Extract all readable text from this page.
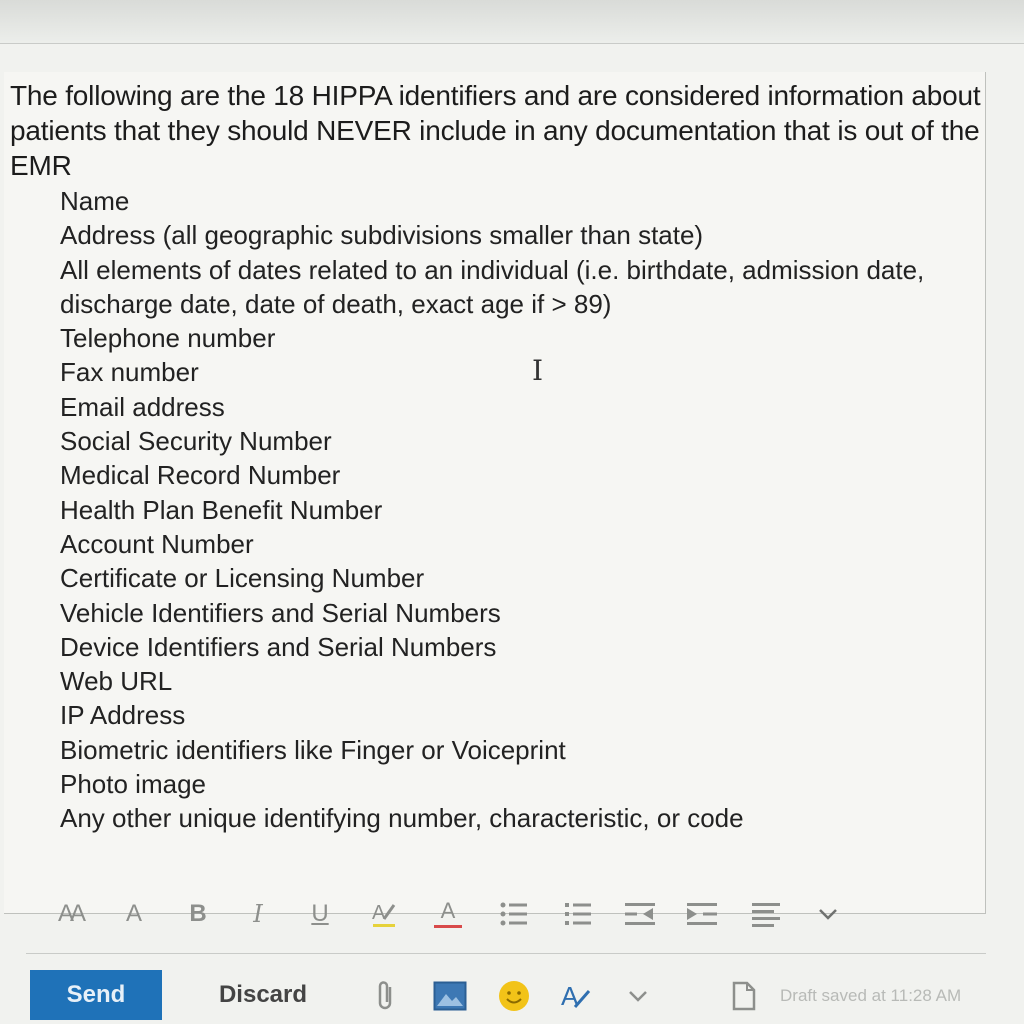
The following are the 18 HIPPA identifiers and are considered information about patients that they should NEVER include in any documentation that is out of the EMR

Name
Address (all geographic subdivisions smaller than state)
All elements of dates related to an individual (i.e. birthdate, admission date, discharge date, date of death, exact age if > 89)
Telephone number
Fax number
Email address
Social Security Number
Medical Record Number
Health Plan Benefit Number
Account Number
Certificate or Licensing Number
Vehicle Identifiers and Serial Numbers
Device Identifiers and Serial Numbers
Web URL
IP Address
Biometric identifiers like Finger or Voiceprint
Photo image
Any other unique identifying number, characteristic, or code
I
AA A B I U A	A
Send	Discard	A	Draft saved at 11:28 AM
